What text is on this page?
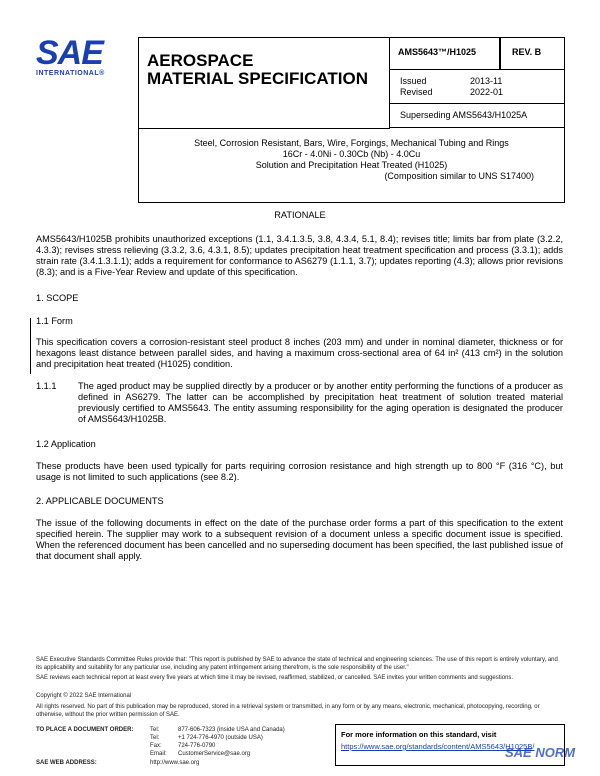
SAE
INTERNATIONAL®
AEROSPACE
MATERIAL SPECIFICATION
AMS5643™/H1025	REV. B
Issued	2013-11
Revised	2022-01
Superseding AMS5643/H1025A
Steel, Corrosion Resistant, Bars, Wire, Forgings, Mechanical Tubing and Rings
16Cr - 4.0Ni - 0.30Cb (Nb) - 4.0Cu
Solution and Precipitation Heat Treated (H1025)
(Composition similar to UNS S17400)
RATIONALE
AMS5643/H1025B prohibits unauthorized exceptions (1.1, 3.4.1.3.5, 3.8, 4.3.4, 5.1, 8.4); revises title; limits bar from plate (3.2.2, 4.3.3); revises stress relieving (3.3.2, 3.6, 4.3.1, 8.5); updates precipitation heat treatment specification and process (3.3.1); adds strain rate (3.4.1.3.1.1); adds a requirement for conformance to AS6279 (1.1.1, 3.7); updates reporting (4.3); allows prior revisions (8.3); and is a Five-Year Review and update of this specification.
1. SCOPE
1.1 Form
This specification covers a corrosion-resistant steel product 8 inches (203 mm) and under in nominal diameter, thickness or for hexagons least distance between parallel sides, and having a maximum cross-sectional area of 64 in² (413 cm²) in the solution and precipitation heat treated (H1025) condition.
1.1.1 The aged product may be supplied directly by a producer or by another entity performing the functions of a producer as defined in AS6279. The latter can be accomplished by precipitation heat treatment of solution treated material previously certified to AMS5643. The entity assuming responsibility for the aging operation is designated the producer of AMS5643/H1025B.
1.2 Application
These products have been used typically for parts requiring corrosion resistance and high strength up to 800 °F (316 °C), but usage is not limited to such applications (see 8.2).
2. APPLICABLE DOCUMENTS
The issue of the following documents in effect on the date of the purchase order forms a part of this specification to the extent specified herein. The supplier may work to a subsequent revision of a document unless a specific document issue is specified. When the referenced document has been cancelled and no superseding document has been specified, the last published issue of that document shall apply.
SAE Executive Standards Committee Rules provide that: "This report is published by SAE to advance the state of technical and engineering sciences. The use of this report is entirely voluntary, and its applicability and suitability for any particular use, including any patent infringement arising therefrom, is the sole responsibility of the user."
SAE reviews each technical report at least every five years at which time it may be revised, reaffirmed, stabilized, or cancelled. SAE invites your written comments and suggestions.
Copyright © 2022 SAE International
All rights reserved. No part of this publication may be reproduced, stored in a retrieval system or transmitted, in any form or by any means, electronic, mechanical, photocopying, recording, or otherwise, without the prior written permission of SAE.
TO PLACE A DOCUMENT ORDER:	Tel:	877-606-7323 (inside USA and Canada)
Tel:	+1 724-776-4970 (outside USA)
Fax:	724-776-0790
Email: CustomerService@sae.org
SAE WEB ADDRESS:	http://www.sae.org
For more information on this standard, visit
https://www.sae.org/standards/content/AMS5643/H1025B/
SAE NORM
